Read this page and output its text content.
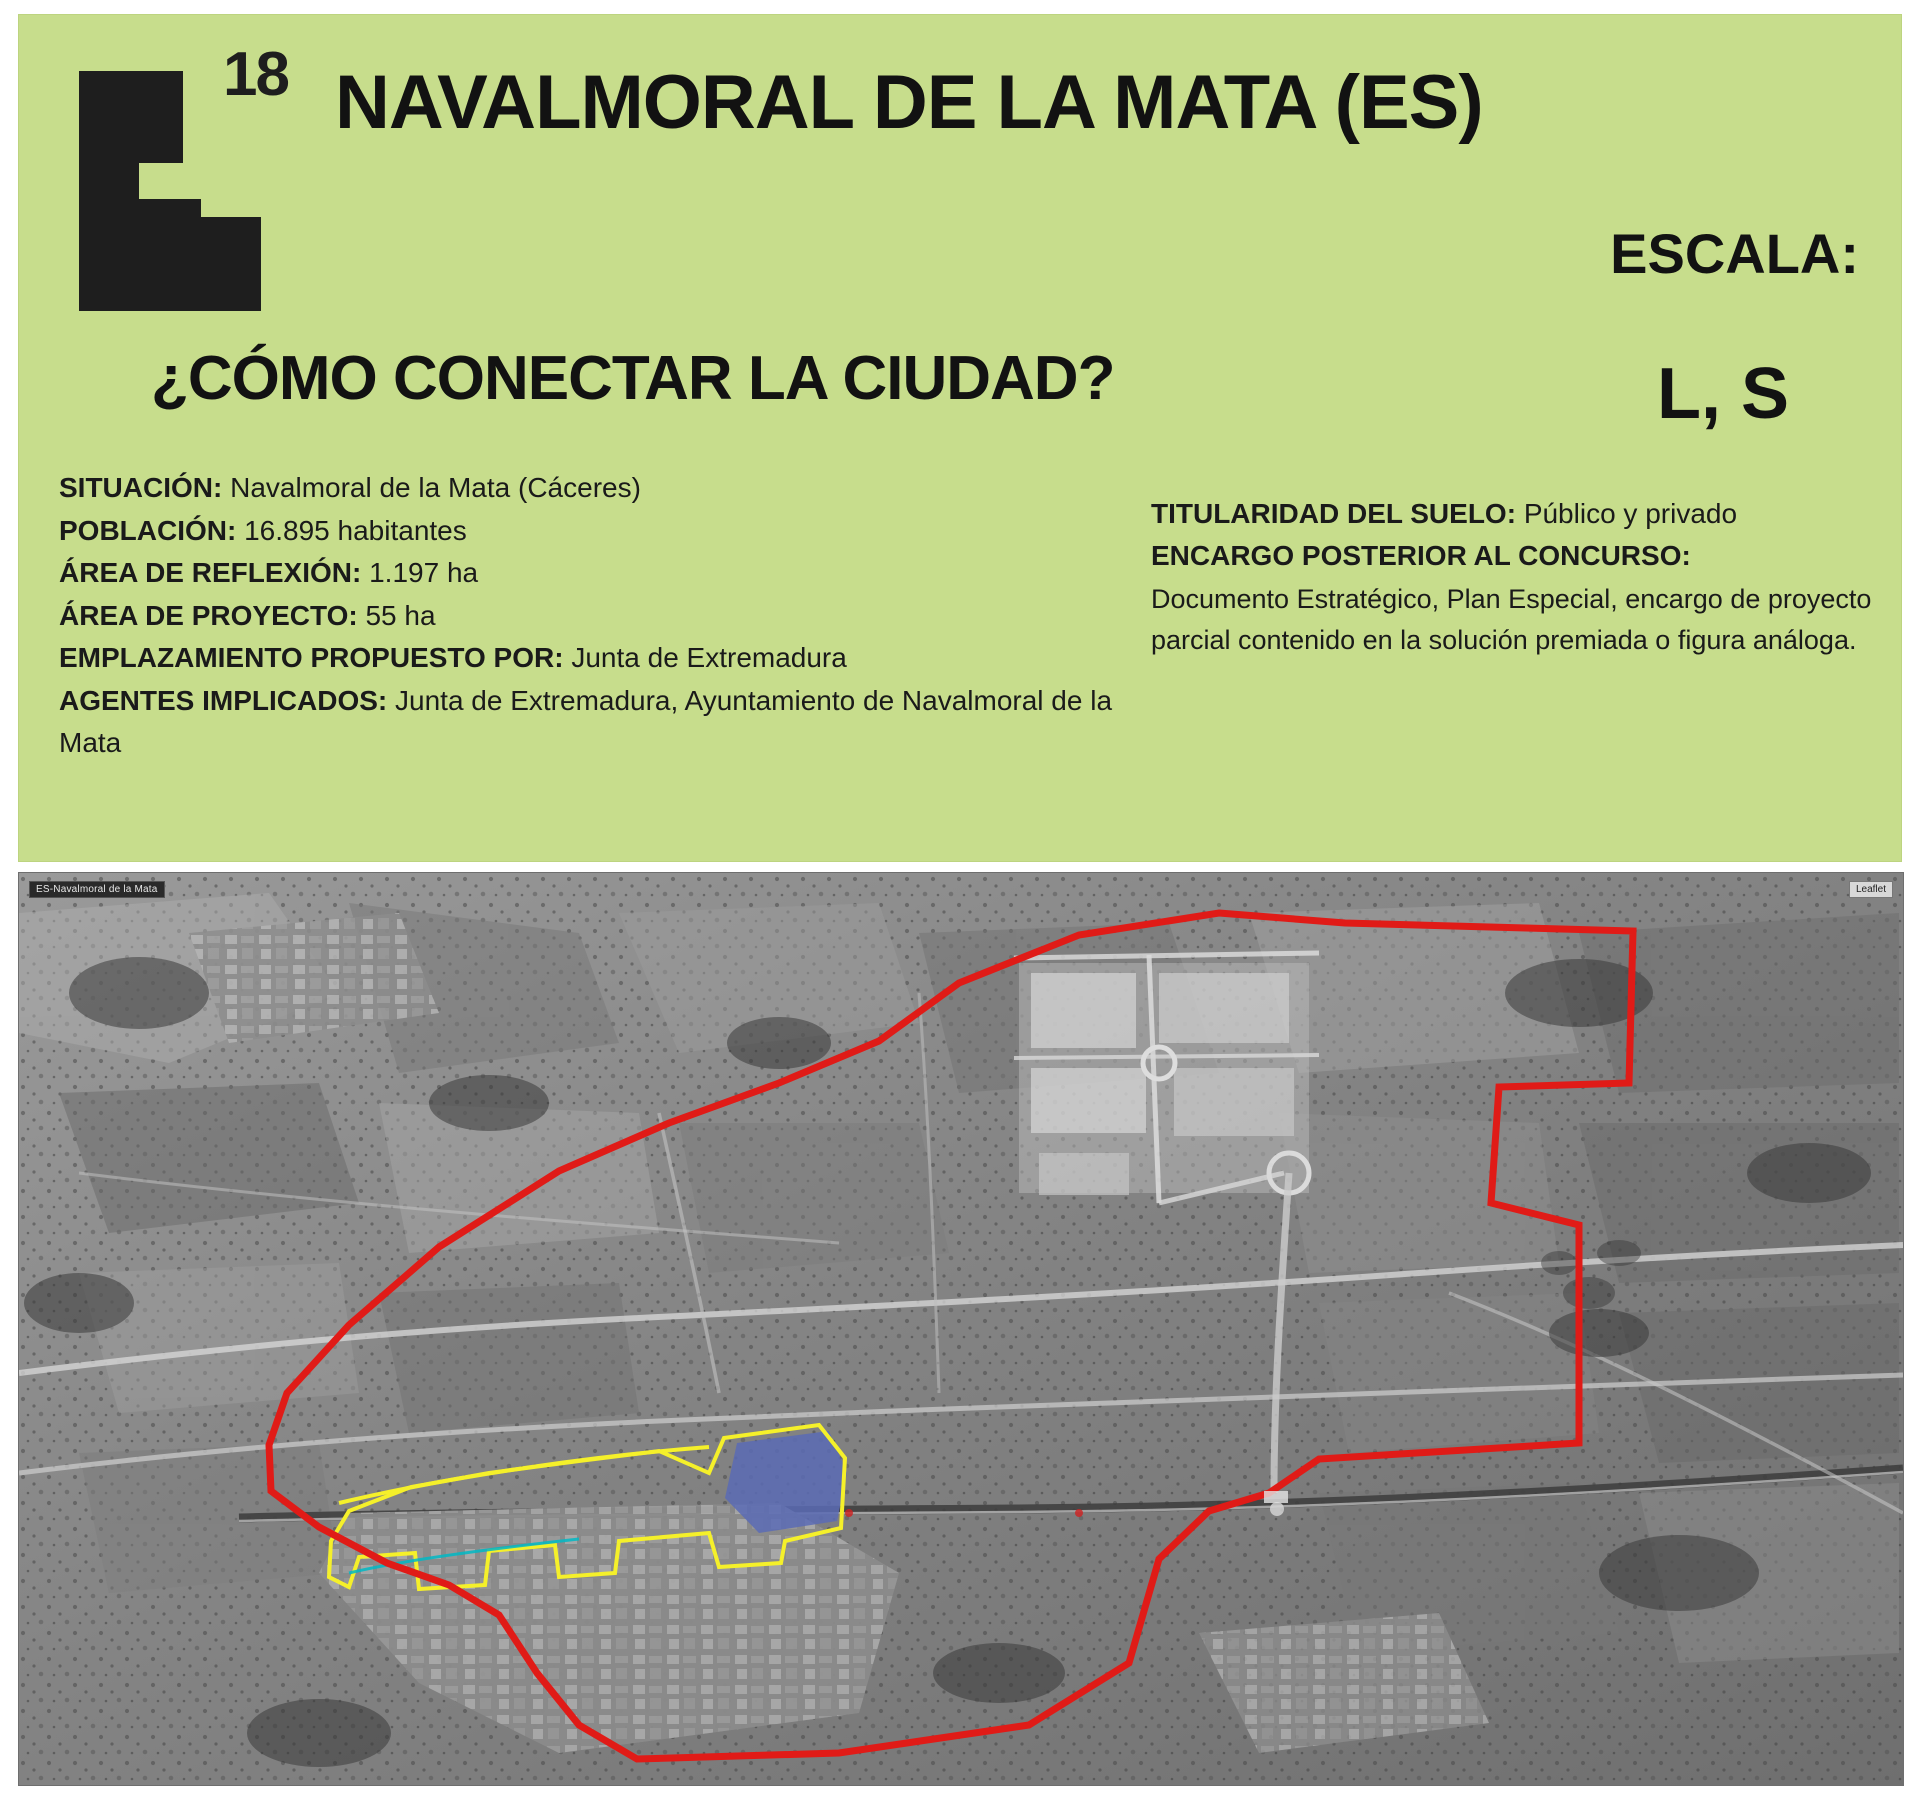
18 NAVALMORAL DE LA MATA (ES)
ESCALA:
¿CÓMO CONECTAR LA CIUDAD?	L, S
SITUACIÓN: Navalmoral de la Mata (Cáceres)
POBLACIÓN: 16.895 habitantes
ÁREA DE REFLEXIÓN: 1.197 ha
ÁREA DE PROYECTO: 55 ha
EMPLAZAMIENTO PROPUESTO POR: Junta de Extremadura
AGENTES IMPLICADOS: Junta de Extremadura, Ayuntamiento de Navalmoral de la Mata
TITULARIDAD DEL SUELO: Público y privado
ENCARGO POSTERIOR AL CONCURSO:
Documento Estratégico, Plan Especial, encargo de proyecto parcial contenido en la solución premiada o figura análoga.
ES-Navalmoral de la Mata	Leaflet
